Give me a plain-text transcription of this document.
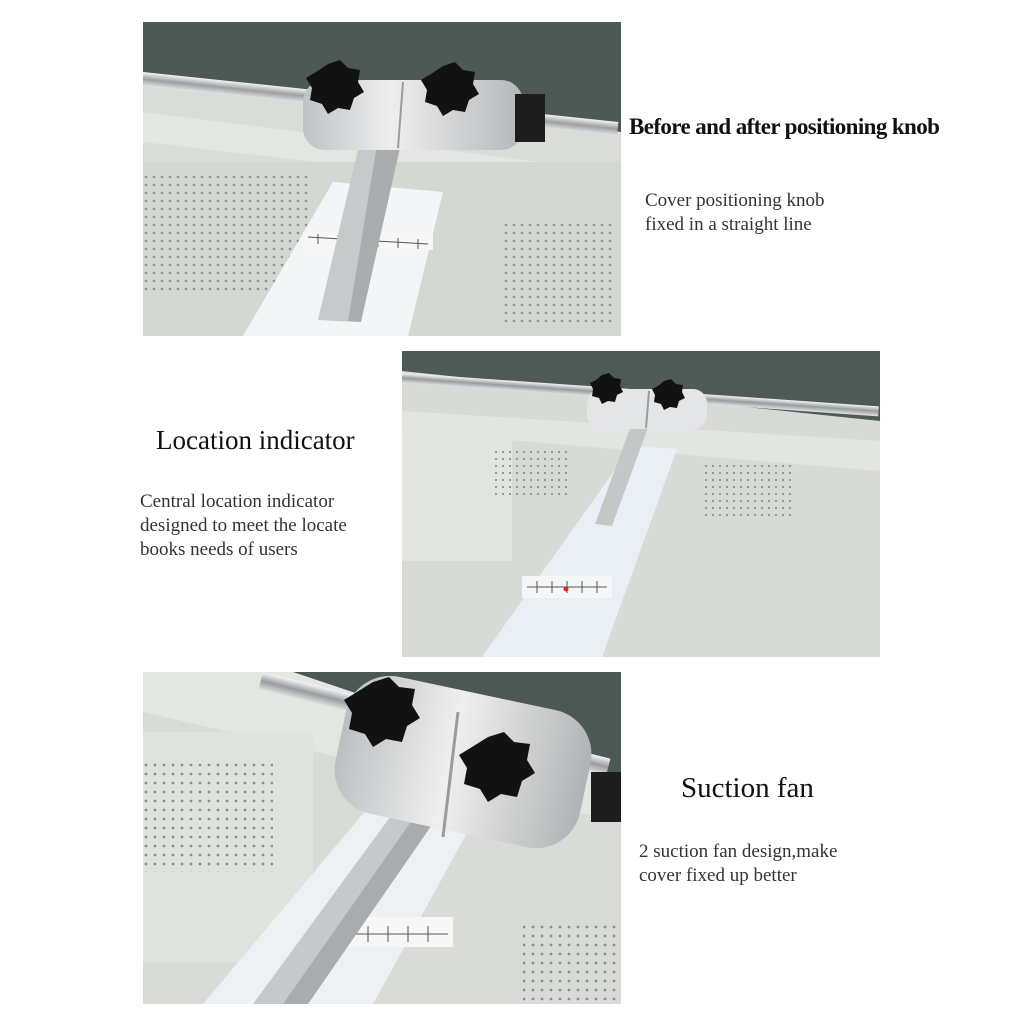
Before and after positioning knob
Cover positioning knob
fixed in a straight line
Location indicator
Central location indicator
designed to meet the locate
books needs of users
Suction fan
2 suction fan design,make
cover fixed up better
